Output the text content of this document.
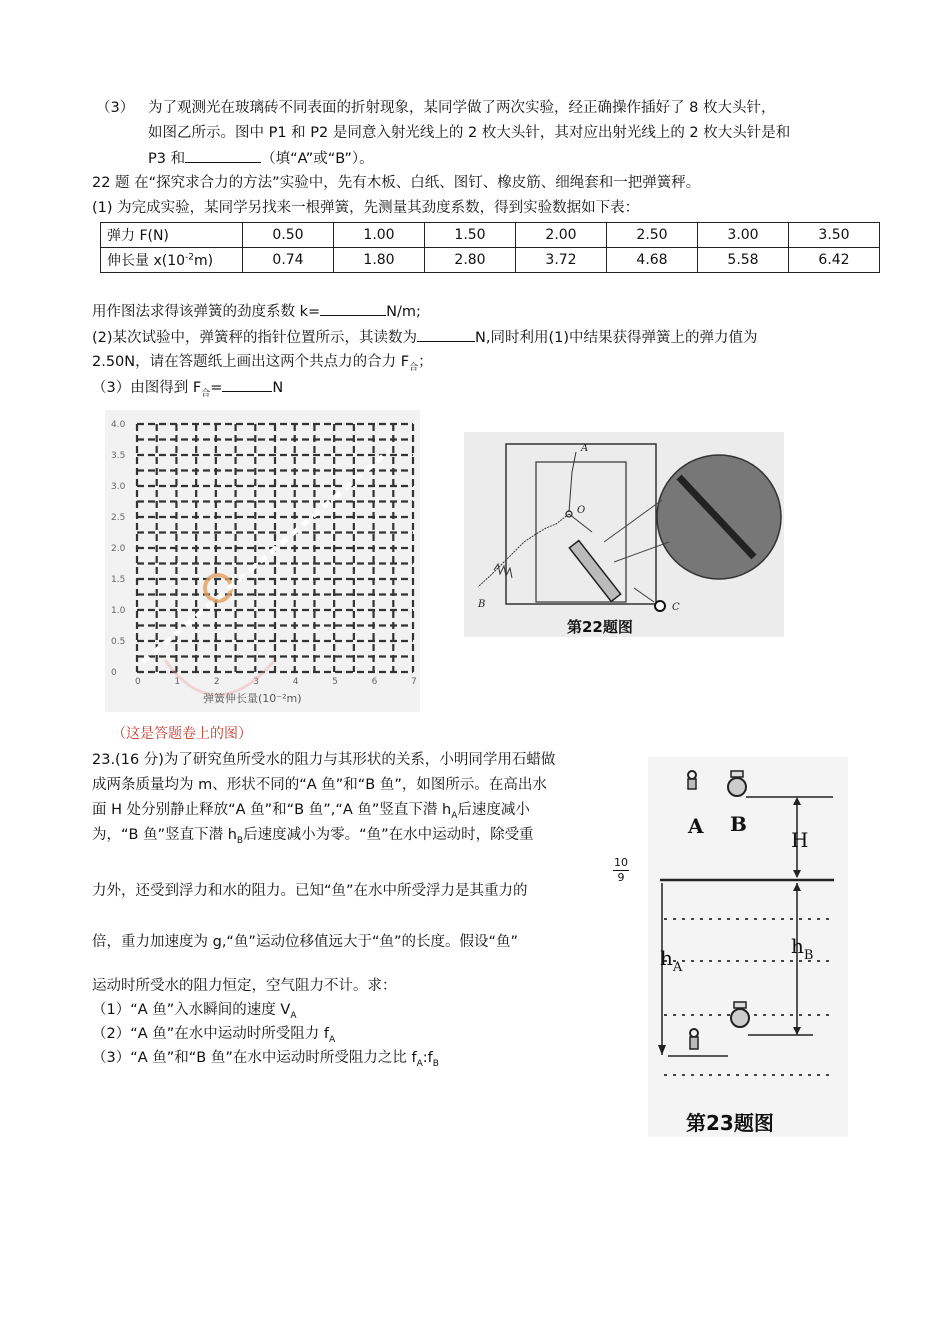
（3） 为了观测光在玻璃砖不同表面的折射现象，某同学做了两次实验，经正确操作插好了 8 枚大头针，
如图乙所示。图中 P1 和 P2 是同意入射光线上的 2 枚大头针，其对应出射光线上的 2 枚大头针是和
P3 和	（填“A”或“B”）。
22 题 在“探究求合力的方法”实验中，先有木板、白纸、图钉、橡皮筋、细绳套和一把弹簧秤。
(1) 为完成实验，某同学另找来一根弹簧，先测量其劲度系数，得到实验数据如下表：
弹力 F(N)	0.50	1.00	1.50	2.00	2.50	3.00	3.50
伸长量 $x(10^{-2}m)$	0.74	1.80	2.80	3.72	4.68	5.58	6.42
用作图法求得该弹簧的劲度系数 k=	N/m;
(2)某次试验中，弹簧秤的指针位置所示，其读数为	N,同时利用(1)中结果获得弹簧上的弹力值为
2.50N，请在答题纸上画出这两个共点力的合力 $F_合$；
（3）由图得到 $F_合=$	N
4.0
3.5
3.0
2.5
2.0
1.5
1.0
0.5
0
0	1	2	3	4	5	6	7
弹簧伸长量(10⁻²m)
（这是答题卷上的图）
A
O
B	C
第22题图
23.(16 分)为了研究鱼所受水的阻力与其形状的关系，小明同学用石蜡做
成两条质量均为 m、形状不同的“A 鱼”和“B 鱼”，如图所示。在高出水
面 H 处分别静止释放“A 鱼”和“B 鱼”,“A 鱼”竖直下潜 $h_A$后速度减小
为，“B 鱼”竖直下潜 $h_B$后速度减小为零。“鱼”在水中运动时，除受重
$\frac{10}{9}$
力外，还受到浮力和水的阻力。已知“鱼”在水中所受浮力是其重力的
倍，重力加速度为 g,“鱼”运动位移值远大于“鱼”的长度。假设“鱼”
运动时所受水的阻力恒定，空气阻力不计。求：
（1）“A 鱼”入水瞬间的速度 $V_A$
（2）“A 鱼”在水中运动时所受阻力 $f_A$
（3）“A 鱼”和“B 鱼”在水中运动时所受阻力之比 $f_A:f_B$
A B
H
$h_A$
$h_B$
第23题图
